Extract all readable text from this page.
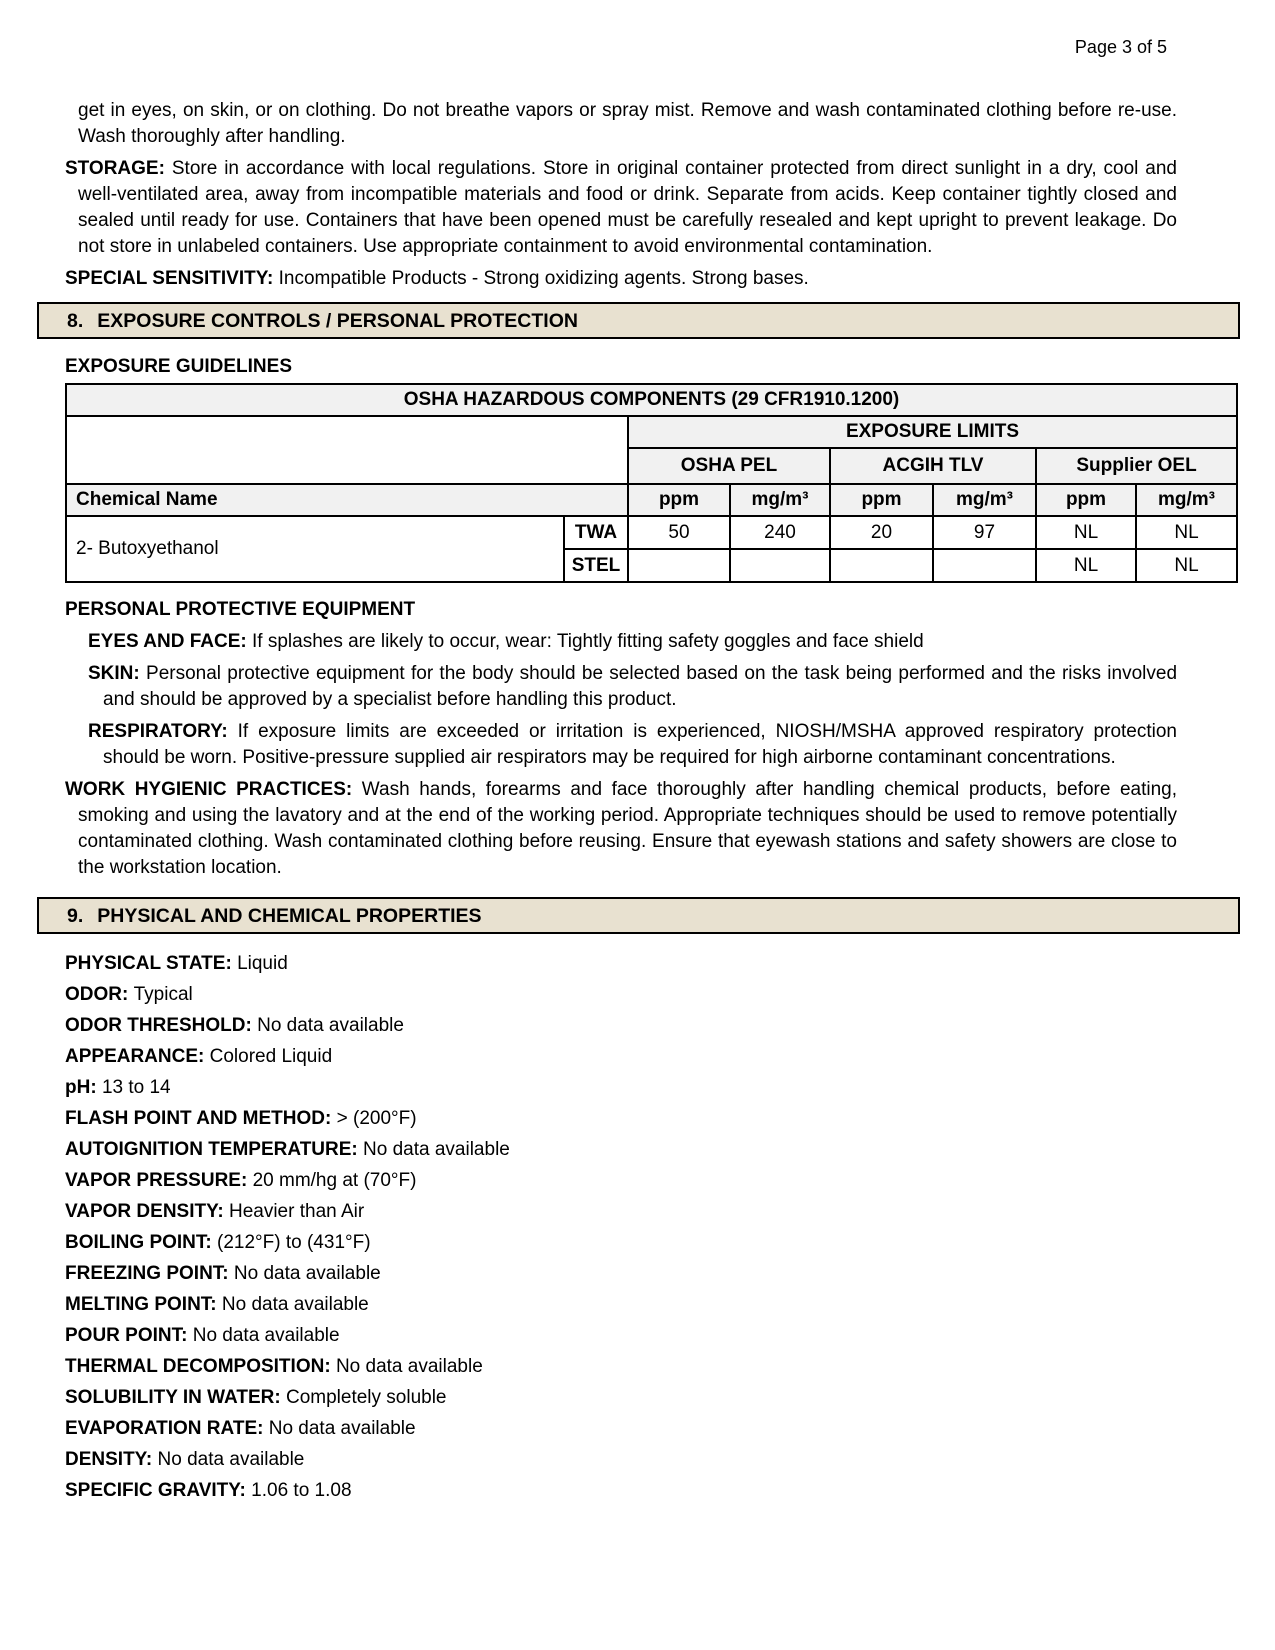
Page 3 of 5

get in eyes, on skin, or on clothing. Do not breathe vapors or spray mist. Remove and wash contaminated clothing before re-use. Wash thoroughly after handling.

STORAGE: Store in accordance with local regulations. Store in original container protected from direct sunlight in a dry, cool and well-ventilated area, away from incompatible materials and food or drink. Separate from acids. Keep container tightly closed and sealed until ready for use. Containers that have been opened must be carefully resealed and kept upright to prevent leakage. Do not store in unlabeled containers. Use appropriate containment to avoid environmental contamination.

SPECIAL SENSITIVITY: Incompatible Products - Strong oxidizing agents. Strong bases.

8. EXPOSURE CONTROLS / PERSONAL PROTECTION
EXPOSURE GUIDELINES
OSHA HAZARDOUS COMPONENTS (29 CFR1910.1200)							
		EXPOSURE LIMITS					
		OSHA PEL		ACGIH TLV		Supplier OEL	
Chemical Name		ppm	mg/m³	ppm	mg/m³	ppm	mg/m³
2- Butoxyethanol	TWA	50	240	20	97	NL	NL
	STEL					NL	NL
PERSONAL PROTECTIVE EQUIPMENT

EYES AND FACE: If splashes are likely to occur, wear: Tightly fitting safety goggles and face shield

SKIN: Personal protective equipment for the body should be selected based on the task being performed and the risks involved and should be approved by a specialist before handling this product.

RESPIRATORY: If exposure limits are exceeded or irritation is experienced, NIOSH/MSHA approved respiratory protection should be worn. Positive-pressure supplied air respirators may be required for high airborne contaminant concentrations.

WORK HYGIENIC PRACTICES: Wash hands, forearms and face thoroughly after handling chemical products, before eating, smoking and using the lavatory and at the end of the working period. Appropriate techniques should be used to remove potentially contaminated clothing. Wash contaminated clothing before reusing. Ensure that eyewash stations and safety showers are close to the workstation location.

9. PHYSICAL AND CHEMICAL PROPERTIES

PHYSICAL STATE: Liquid

ODOR: Typical

ODOR THRESHOLD: No data available

APPEARANCE: Colored Liquid

pH: 13 to 14

FLASH POINT AND METHOD: > (200°F)

AUTOIGNITION TEMPERATURE: No data available

VAPOR PRESSURE: 20 mm/hg at (70°F)

VAPOR DENSITY: Heavier than Air

BOILING POINT: (212°F) to (431°F)

FREEZING POINT: No data available

MELTING POINT: No data available

POUR POINT: No data available

THERMAL DECOMPOSITION: No data available

SOLUBILITY IN WATER: Completely soluble

EVAPORATION RATE: No data available

DENSITY: No data available

SPECIFIC GRAVITY: 1.06 to 1.08
